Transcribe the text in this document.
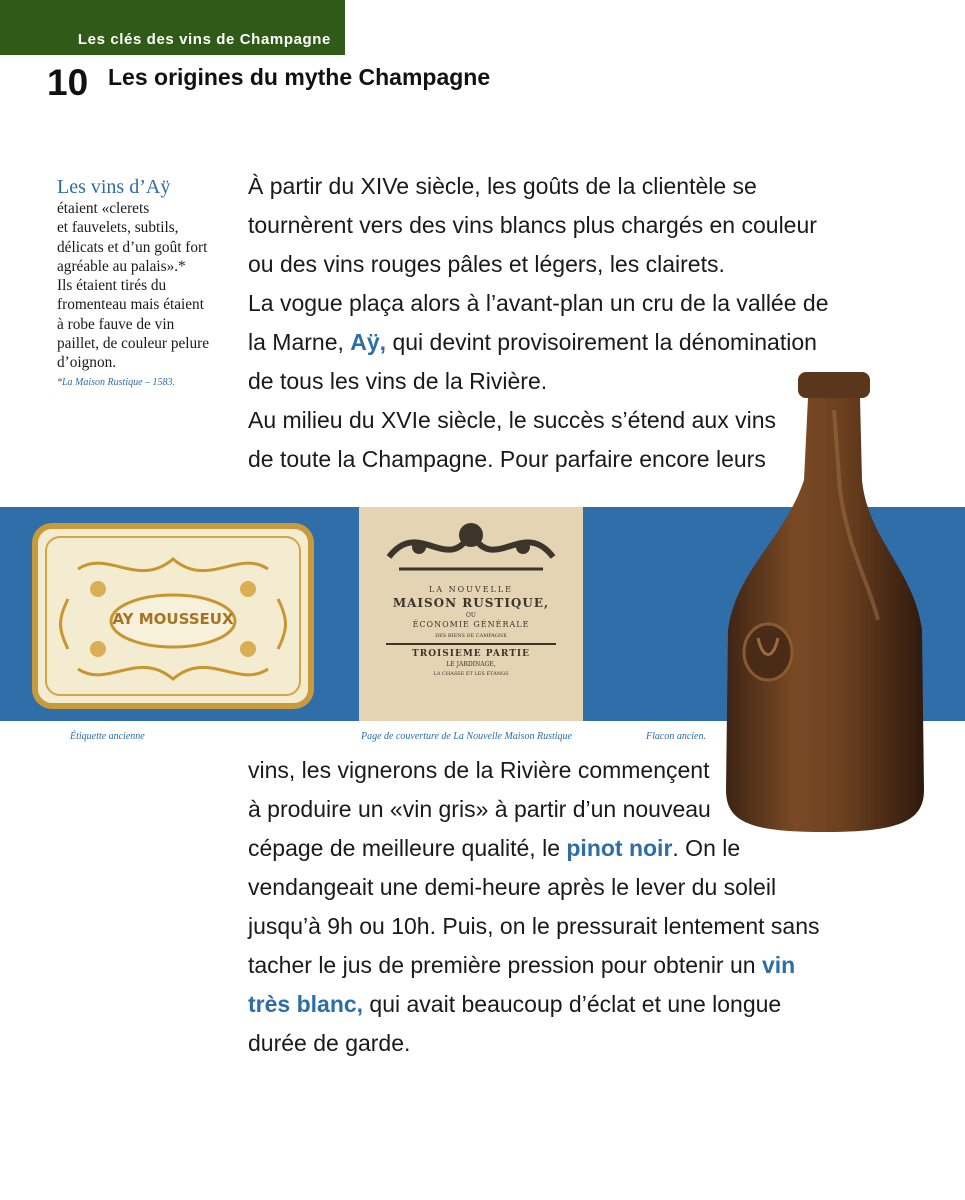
Les clés des vins de Champagne
10 Les origines du mythe Champagne
Les vins d’Aÿ
étaient «clerets
et fauvelets, subtils,
délicats et d’un goût fort
agréable au palais».*
Ils étaient tirés du
fromenteau mais étaient
à robe fauve de vin
paillet, de couleur pelure
d’oignon.
*La Maison Rustique – 1583.

À partir du XIVe siècle, les goûts de la clientèle se

tournèrent vers des vins blancs plus chargés en couleur

ou des vins rouges pâles et légers, les clairets.

La vogue plaça alors à l’avant-plan un cru de la vallée de

la Marne, Aÿ, qui devint provisoirement la dénomination

de tous les vins de la Rivière.

Au milieu du XVIe siècle, le succès s’étend aux vins

de toute la Champagne. Pour parfaire encore leurs

AY MOUSSEUX
LA NOUVELLE
MAISON RUSTIQUE,
OU
ÉCONOMIE GÉNÉRALE
DES BIENS DE CAMPAGNE
TROISIEME PARTIE
LE JARDINAGE,
LA CHASSE ET LES ÉTANGS
Étiquette ancienne	Page de couverture de La Nouvelle Maison Rustique	Flacon ancien.

vins, les vignerons de la Rivière commençent

à produire un «vin gris» à partir d’un nouveau

cépage de meilleure qualité, le pinot noir. On le

vendangeait une demi-heure après le lever du soleil

jusqu’à 9h ou 10h. Puis, on le pressurait lentement sans

tacher le jus de première pression pour obtenir un vin

très blanc, qui avait beaucoup d’éclat et une longue

durée de garde.
